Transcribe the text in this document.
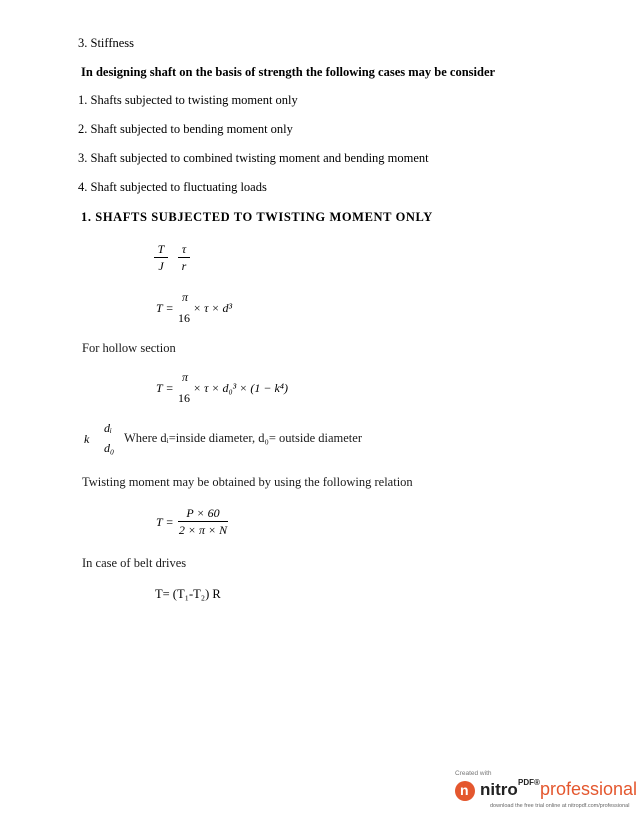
3. Stiffness
In designing shaft on the basis of strength the following cases may be consider
1. Shafts subjected to twisting moment only
2. Shaft subjected to bending moment only
3. Shaft subjected to combined twisting moment and bending moment
4. Shaft subjected to fluctuating loads
1. SHAFTS SUBJECTED TO TWISTING MOMENT ONLY
$\frac{T}{J} \frac{\tau}{r}$
T =
π
16
× τ × d³
For hollow section
T =
π
16
× τ × d₀³ × (1 − k⁴)
k
dᵢ
d₀
Where dᵢ=inside diameter, d₀= outside diameter
Twisting moment may be obtained by using the following relation
$T = \frac{P \times 60}{2 \times \pi \times N}$
In case of belt drives
T= (T₁-T₂) R
Created with
n nitro PDF® professional
download the free trial online at nitropdf.com/professional
